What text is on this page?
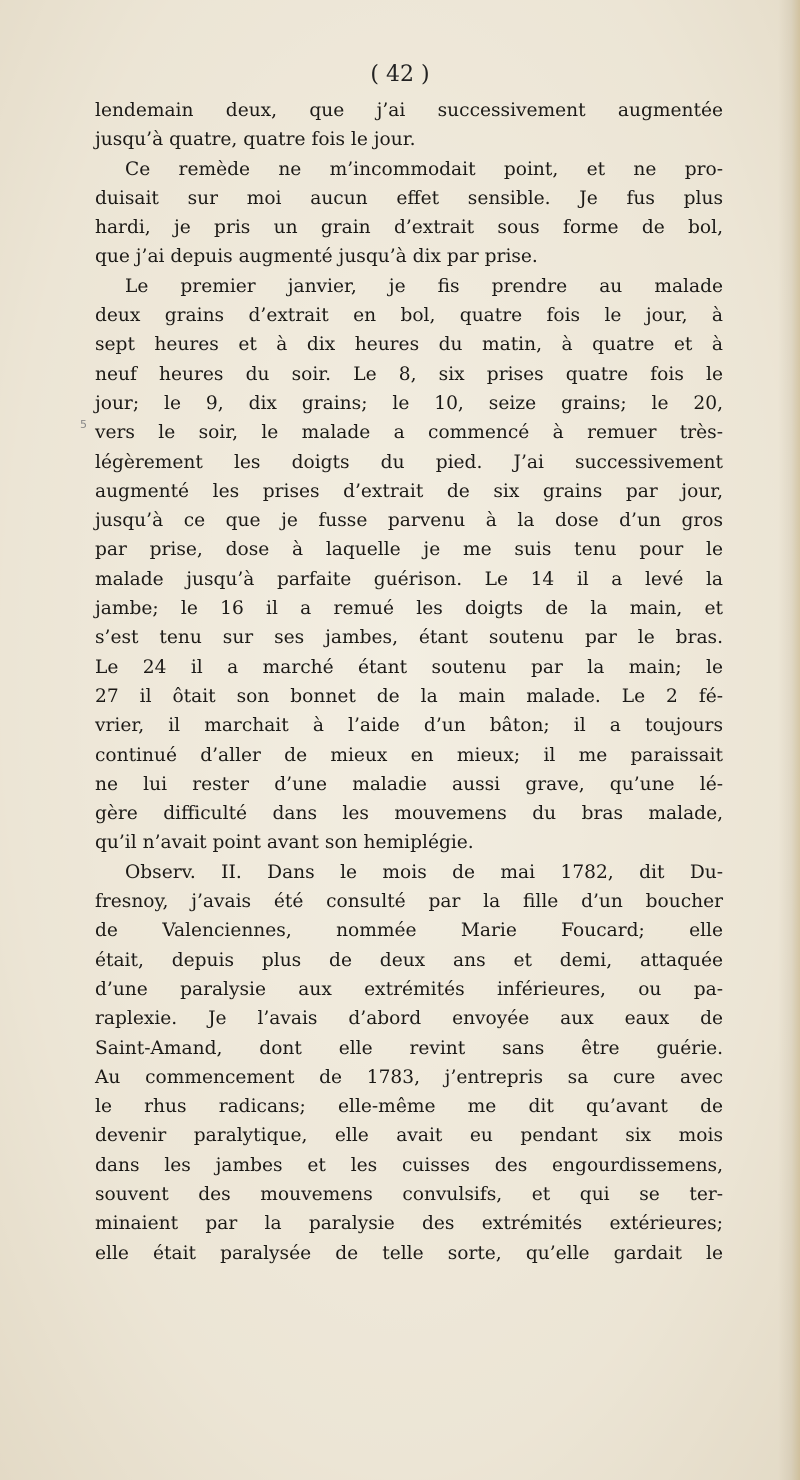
( 42 )
5
lendemain deux, que j’ai successivement augmentée
jusqu’à quatre, quatre fois le jour.
Ce remède ne m’incommodait point, et ne pro-
duisait sur moi aucun effet sensible. Je fus plus
hardi, je pris un grain d’extrait sous forme de bol,
que j’ai depuis augmenté jusqu’à dix par prise.
Le premier janvier, je fis prendre au malade
deux grains d’extrait en bol, quatre fois le jour, à
sept heures et à dix heures du matin, à quatre et à
neuf heures du soir. Le 8, six prises quatre fois le
jour; le 9, dix grains; le 10, seize grains; le 20,
vers le soir, le malade a commencé à remuer très-
légèrement les doigts du pied. J’ai successivement
augmenté les prises d’extrait de six grains par jour,
jusqu’à ce que je fusse parvenu à la dose d’un gros
par prise, dose à laquelle je me suis tenu pour le
malade jusqu’à parfaite guérison. Le 14 il a levé la
jambe; le 16 il a remué les doigts de la main, et
s’est tenu sur ses jambes, étant soutenu par le bras.
Le 24 il a marché étant soutenu par la main; le
27 il ôtait son bonnet de la main malade. Le 2 fé-
vrier, il marchait à l’aide d’un bâton; il a toujours
continué d’aller de mieux en mieux; il me paraissait
ne lui rester d’une maladie aussi grave, qu’une lé-
gère difficulté dans les mouvemens du bras malade,
qu’il n’avait point avant son hemiplégie.
Observ. II. Dans le mois de mai 1782, dit Du-
fresnoy, j’avais été consulté par la fille d’un boucher
de Valenciennes, nommée Marie Foucard; elle
était, depuis plus de deux ans et demi, attaquée
d’une paralysie aux extrémités inférieures, ou pa-
raplexie. Je l’avais d’abord envoyée aux eaux de
Saint-Amand, dont elle revint sans être guérie.
Au commencement de 1783, j’entrepris sa cure avec
le rhus radicans; elle-même me dit qu’avant de
devenir paralytique, elle avait eu pendant six mois
dans les jambes et les cuisses des engourdissemens,
souvent des mouvemens convulsifs, et qui se ter-
minaient par la paralysie des extrémités extérieures;
elle était paralysée de telle sorte, qu’elle gardait le
